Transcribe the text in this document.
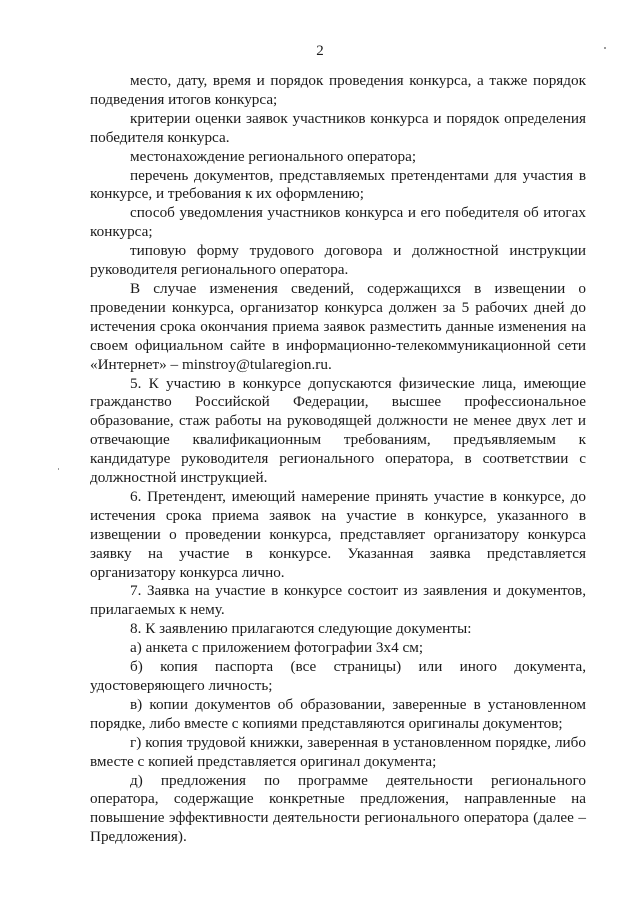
2

место, дату, время и порядок проведения конкурса, а также порядок подведения итогов конкурса;

критерии оценки заявок участников конкурса и порядок определения победителя конкурса.

местонахождение регионального оператора;

перечень документов, представляемых претендентами для участия в конкурсе, и требования к их оформлению;

способ уведомления участников конкурса и его победителя об итогах конкурса;

типовую форму трудового договора и должностной инструкции руководителя регионального оператора.

В случае изменения сведений, содержащихся в извещении о проведении конкурса, организатор конкурса должен за 5 рабочих дней до истечения срока окончания приема заявок разместить данные изменения на своем официальном сайте в информационно-телекоммуникационной сети «Интернет» – minstroy@tularegion.ru.

5. К участию в конкурсе допускаются физические лица, имеющие гражданство Российской Федерации, высшее профессиональное образование, стаж работы на руководящей должности не менее двух лет и отвечающие квалификационным требованиям, предъявляемым к кандидатуре руководителя регионального оператора, в соответствии с должностной инструкцией.

6. Претендент, имеющий намерение принять участие в конкурсе, до истечения срока приема заявок на участие в конкурсе, указанного в извещении о проведении конкурса, представляет организатору конкурса заявку на участие в конкурсе. Указанная заявка представляется организатору конкурса лично.

7. Заявка на участие в конкурсе состоит из заявления и документов, прилагаемых к нему.

8. К заявлению прилагаются следующие документы:

а) анкета с приложением фотографии 3х4 см;

б) копия паспорта (все страницы) или иного документа, удостоверяющего личность;

в) копии документов об образовании, заверенные в установленном порядке, либо вместе с копиями представляются оригиналы документов;

г) копия трудовой книжки, заверенная в установленном порядке, либо вместе с копией представляется оригинал документа;

д) предложения по программе деятельности регионального оператора, содержащие конкретные предложения, направленные на повышение эффективности деятельности регионального оператора (далее – Предложения).
